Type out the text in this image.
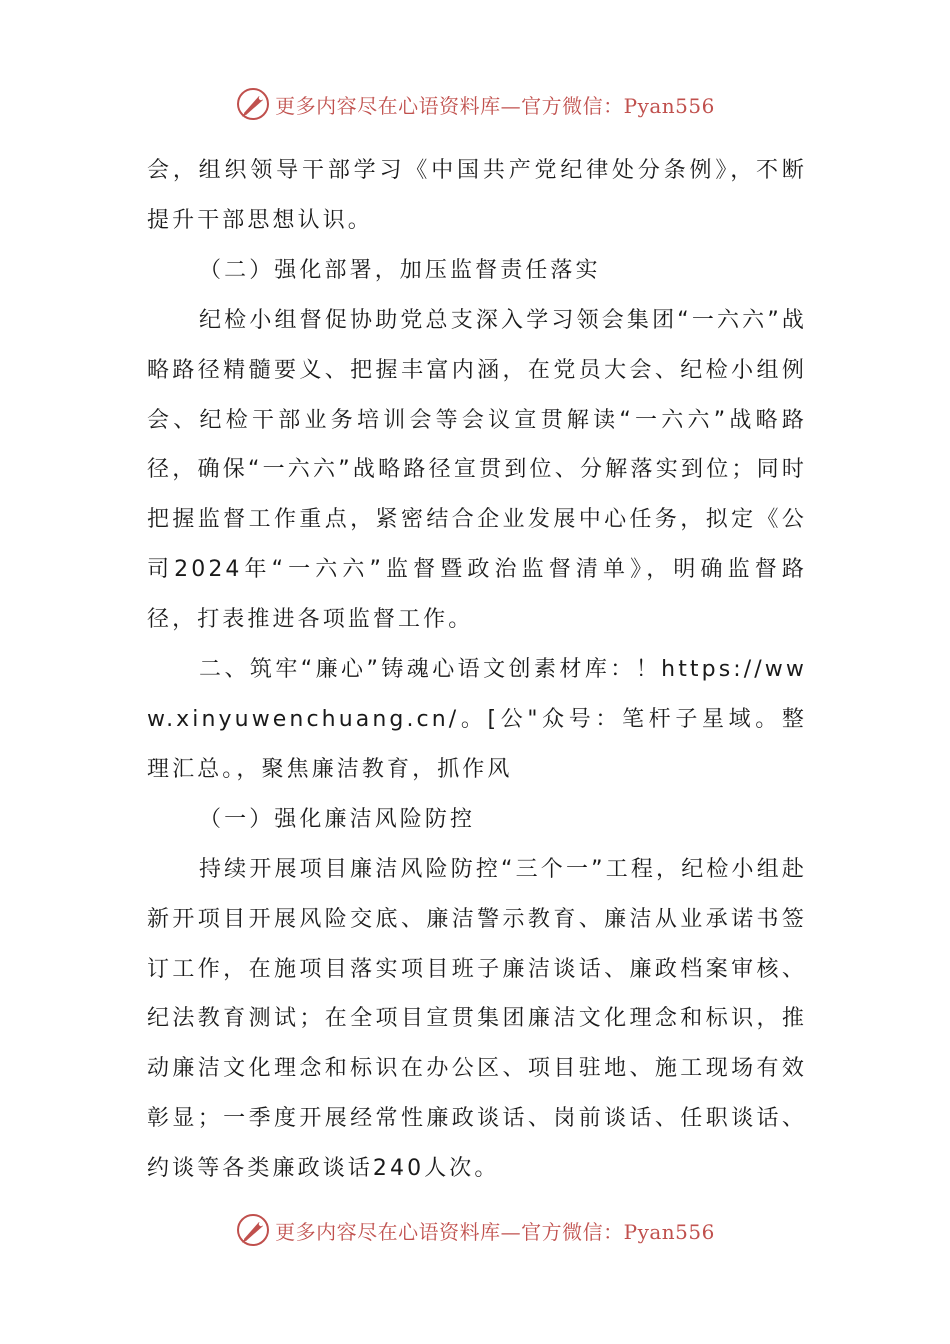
更多内容尽在心语资料库—官方微信：Pyan556

会，组织领导干部学习《中国共产党纪律处分条例》，不断提升干部思想认识。

（二）强化部署，加压监督责任落实

纪检小组督促协助党总支深入学习领会集团“一六六”战略路径精髓要义、把握丰富内涵，在党员大会、纪检小组例会、纪检干部业务培训会等会议宣贯解读“一六六”战略路径，确保“一六六”战略路径宣贯到位、分解落实到位；同时把握监督工作重点，紧密结合企业发展中心任务，拟定《公司2024年“一六六”监督暨政治监督清单》，明确监督路径，打表推进各项监督工作。

二、筑牢“廉心”铸魂心语文创素材库：！https://www.xinyuwenchuang.cn/。[公"众号：笔杆子星域。整理汇总。，聚焦廉洁教育，抓作风

（一）强化廉洁风险防控

持续开展项目廉洁风险防控“三个一”工程，纪检小组赴新开项目开展风险交底、廉洁警示教育、廉洁从业承诺书签订工作，在施项目落实项目班子廉洁谈话、廉政档案审核、纪法教育测试；在全项目宣贯集团廉洁文化理念和标识，推动廉洁文化理念和标识在办公区、项目驻地、施工现场有效彰显；一季度开展经常性廉政谈话、岗前谈话、任职谈话、约谈等各类廉政谈话240人次。

更多内容尽在心语资料库—官方微信：Pyan556
